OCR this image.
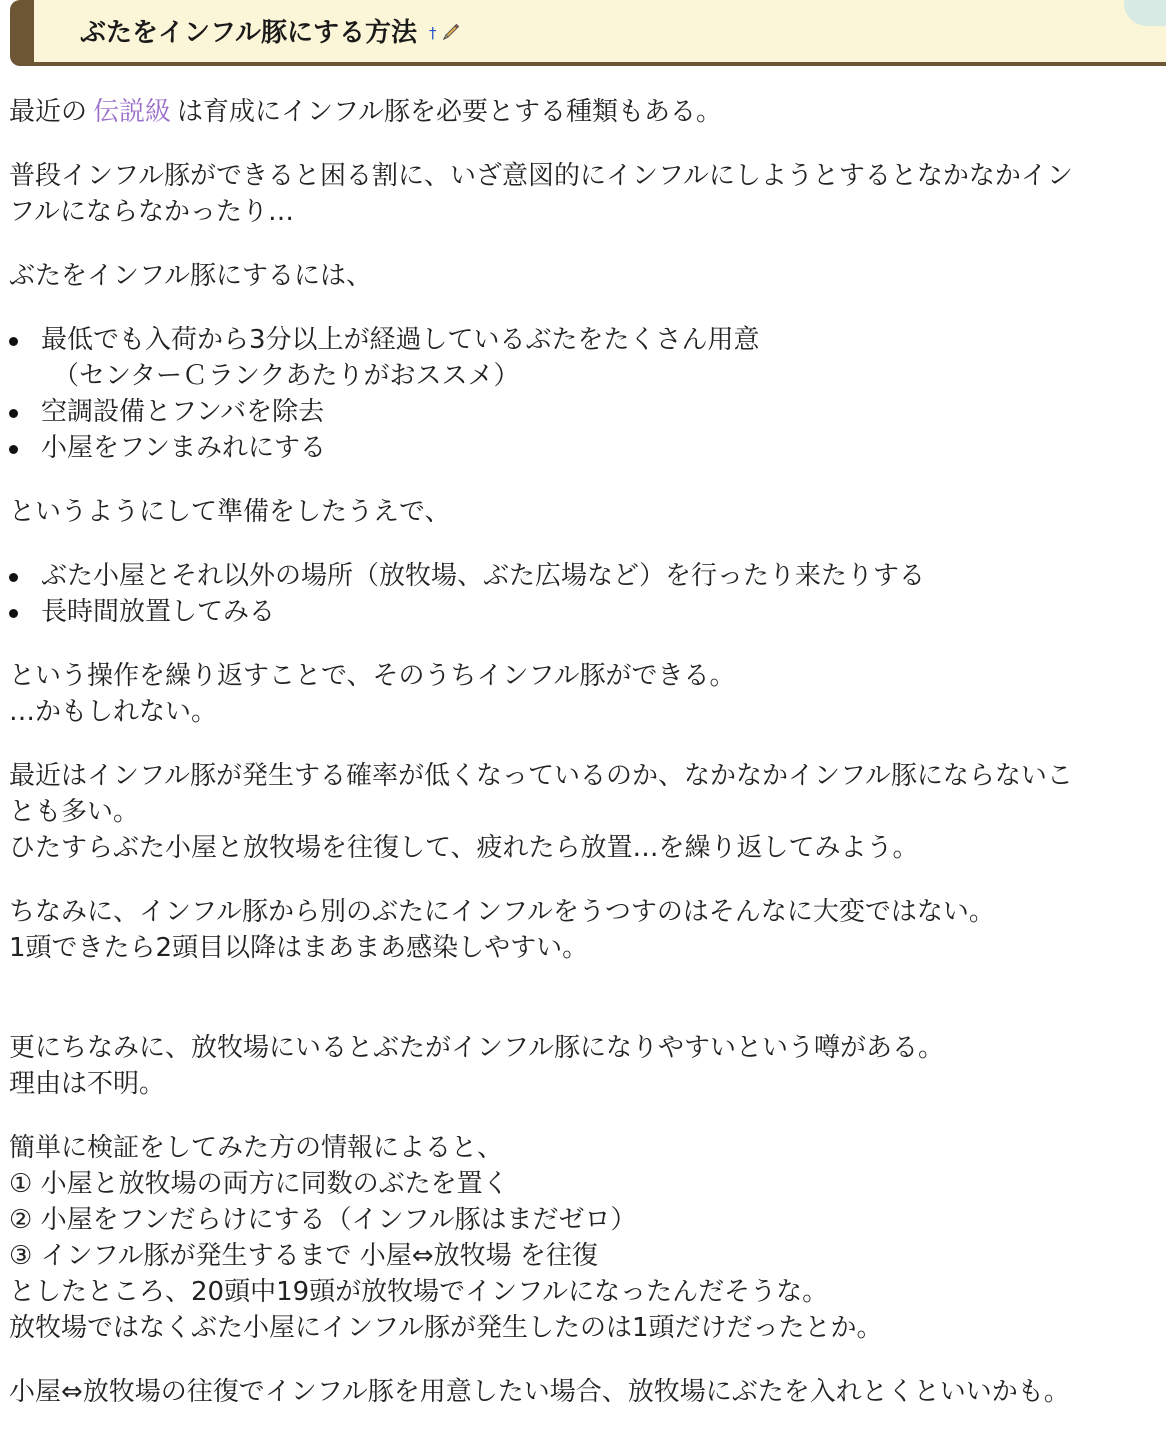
ぶたをインフル豚にする方法 †

最近の 伝説級 は育成にインフル豚を必要とする種類もある。

普段インフル豚ができると困る割に、いざ意図的にインフルにしようとするとなかなかイン
フルにならなかったり…

ぶたをインフル豚にするには、

最低でも入荷から3分以上が経過しているぶたをたくさん用意
（センターＣランクあたりがおススメ）
空調設備とフンバを除去
小屋をフンまみれにする

というようにして準備をしたうえで、

ぶた小屋とそれ以外の場所（放牧場、ぶた広場など）を行ったり来たりする
長時間放置してみる

という操作を繰り返すことで、そのうちインフル豚ができる。
…かもしれない。

最近はインフル豚が発生する確率が低くなっているのか、なかなかインフル豚にならないこ
とも多い。
ひたすらぶた小屋と放牧場を往復して、疲れたら放置…を繰り返してみよう。

ちなみに、インフル豚から別のぶたにインフルをうつすのはそんなに大変ではない。
1頭できたら2頭目以降はまあまあ感染しやすい。

更にちなみに、放牧場にいるとぶたがインフル豚になりやすいという噂がある。
理由は不明。

簡単に検証をしてみた方の情報によると、
① 小屋と放牧場の両方に同数のぶたを置く
② 小屋をフンだらけにする（インフル豚はまだゼロ）
③ インフル豚が発生するまで 小屋⇔放牧場 を往復
としたところ、20頭中19頭が放牧場でインフルになったんだそうな。
放牧場ではなくぶた小屋にインフル豚が発生したのは1頭だけだったとか。

小屋⇔放牧場の往復でインフル豚を用意したい場合、放牧場にぶたを入れとくといいかも。
